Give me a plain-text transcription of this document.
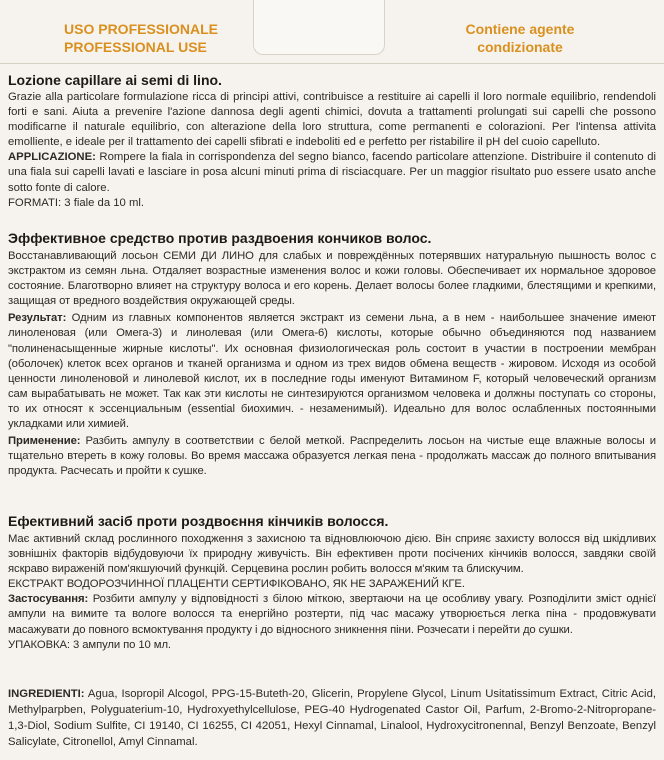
USO PROFESSIONALE
PROFESSIONAL USE
Contiene agente
condizionate
Lozione capillare ai semi di lino.

Grazie alla particolare formulazione ricca di principi attivi, contribuisce a restituire ai capelli il loro normale equilibrio, rendendoli forti e sani. Aiuta a prevenire l'azione dannosa degli agenti chimici, dovuta a trattamenti prolungati sui capelli che possono modificarne il naturale equilibrio, con alterazione della loro struttura, come permanenti e colorazioni. Per l'intensa attivita emolliente, e ideale per il trattamento dei capelli sfibrati e indeboliti ed e perfetto per ristabilire il pH del cuoio capelluto.

APPLICAZIONE: Rompere la fiala in corrispondenza del segno bianco, facendo particolare attenzione. Distribuire il contenuto di una fiala sui capelli lavati e lasciare in posa alcuni minuti prima di risciacquare. Per un maggior risultato puo essere usato anche sotto fonte di calore.

FORMATI: 3 fiale da 10 ml.

Эффективное средство против раздвоения кончиков волос.

Восстанавливающий лосьон СЕМИ ДИ ЛИНО для слабых и повреждённых потерявших натуральную пышность волос с экстрактом из семян льна. Отдаляет возрастные изменения волос и кожи головы. Обеспечивает их нормальное здоровое состояние. Благотворно влияет на структуру волоса и его корень. Делает волосы более гладкими, блестящими и крепкими, защищая от вредного воздействия окружающей среды.

Результат: Одним из главных компонентов является экстракт из семени льна, а в нем - наибольшее значение имеют линоленовая (или Омега-3) и линолевая (или Омега-6) кислоты, которые обычно объединяются под названием "полиненасыщенные жирные кислоты". Их основная физиологическая роль состоит в участии в построении мембран (оболочек) клеток всех органов и тканей организма и одном из трех видов обмена веществ - жировом. Исходя из особой ценности линоленовой и линолевой кислот, их в последние годы именуют Витамином F, который человеческий организм сам вырабатывать не может. Так как эти кислоты не синтезируются организмом человека и должны поступать со стороны, то их относят к эссенциальным (essential биохимич. - незаменимый). Идеально для волос ослабленных постоянными укладками или химией.

Применение: Разбить ампулу в соответствии с белой меткой. Распределить лосьон на чистые еще влажные волосы и тщательно втереть в кожу головы. Во время массажа образуется легкая пена - продолжать массаж до полного впитывания продукта. Расчесать и пройти к сушке.

Ефективний засіб проти роздвоєння кінчиків волосся.

Має активний склад рослинного походження з захисною та відновлюючою дією. Він сприяє захисту волосся від шкідливих зовнішніх факторів відбудовуючи їх природну живучість. Він ефективен проти посічених кінчиків волосся, завдяки своїй яскраво вираженій пом'якшуючий функцій. Серцевина рослин робить волосся м'яким та блискучим.

ЕКСТРАКТ ВОДОРОЗЧИННОЇ ПЛАЦЕНТИ СЕРТИФІКОВАНО, ЯК НЕ ЗАРАЖЕНИЙ КГЕ.

Застосування: Розбити ампулу у відповідності з білою міткою, звертаючи на це особливу увагу. Розподілити зміст однієї ампули на вимите та вологе волосся та енергійно розтерти, під час масажу утворюється легка піна - продовжувати масажувати до повного всмоктування продукту і до відносного зникнення піни. Розчесати і перейти до сушки.

УПАКОВКА: 3 ампули по 10 мл.

INGREDIENTI: Agua, Isopropil Alcogol, PPG-15-Buteth-20, Glicerin, Propylene Glycol, Linum Usitatissimum Extract, Citric Acid, Methylparpben, Polyguaterium-10, Hydroxyethylcellulose, PEG-40 Hydrogenated Castor Oil, Parfum, 2-Bromo-2-Nitropropane-1,3-Diol, Sodium Sulfite, CI 19140, CI 16255, CI 42051, Hexyl Cinnamal, Linalool, Hydroxycitronennal, Benzyl Benzoate, Benzyl Salicylate, Citronellol, Amyl Cinnamal.
